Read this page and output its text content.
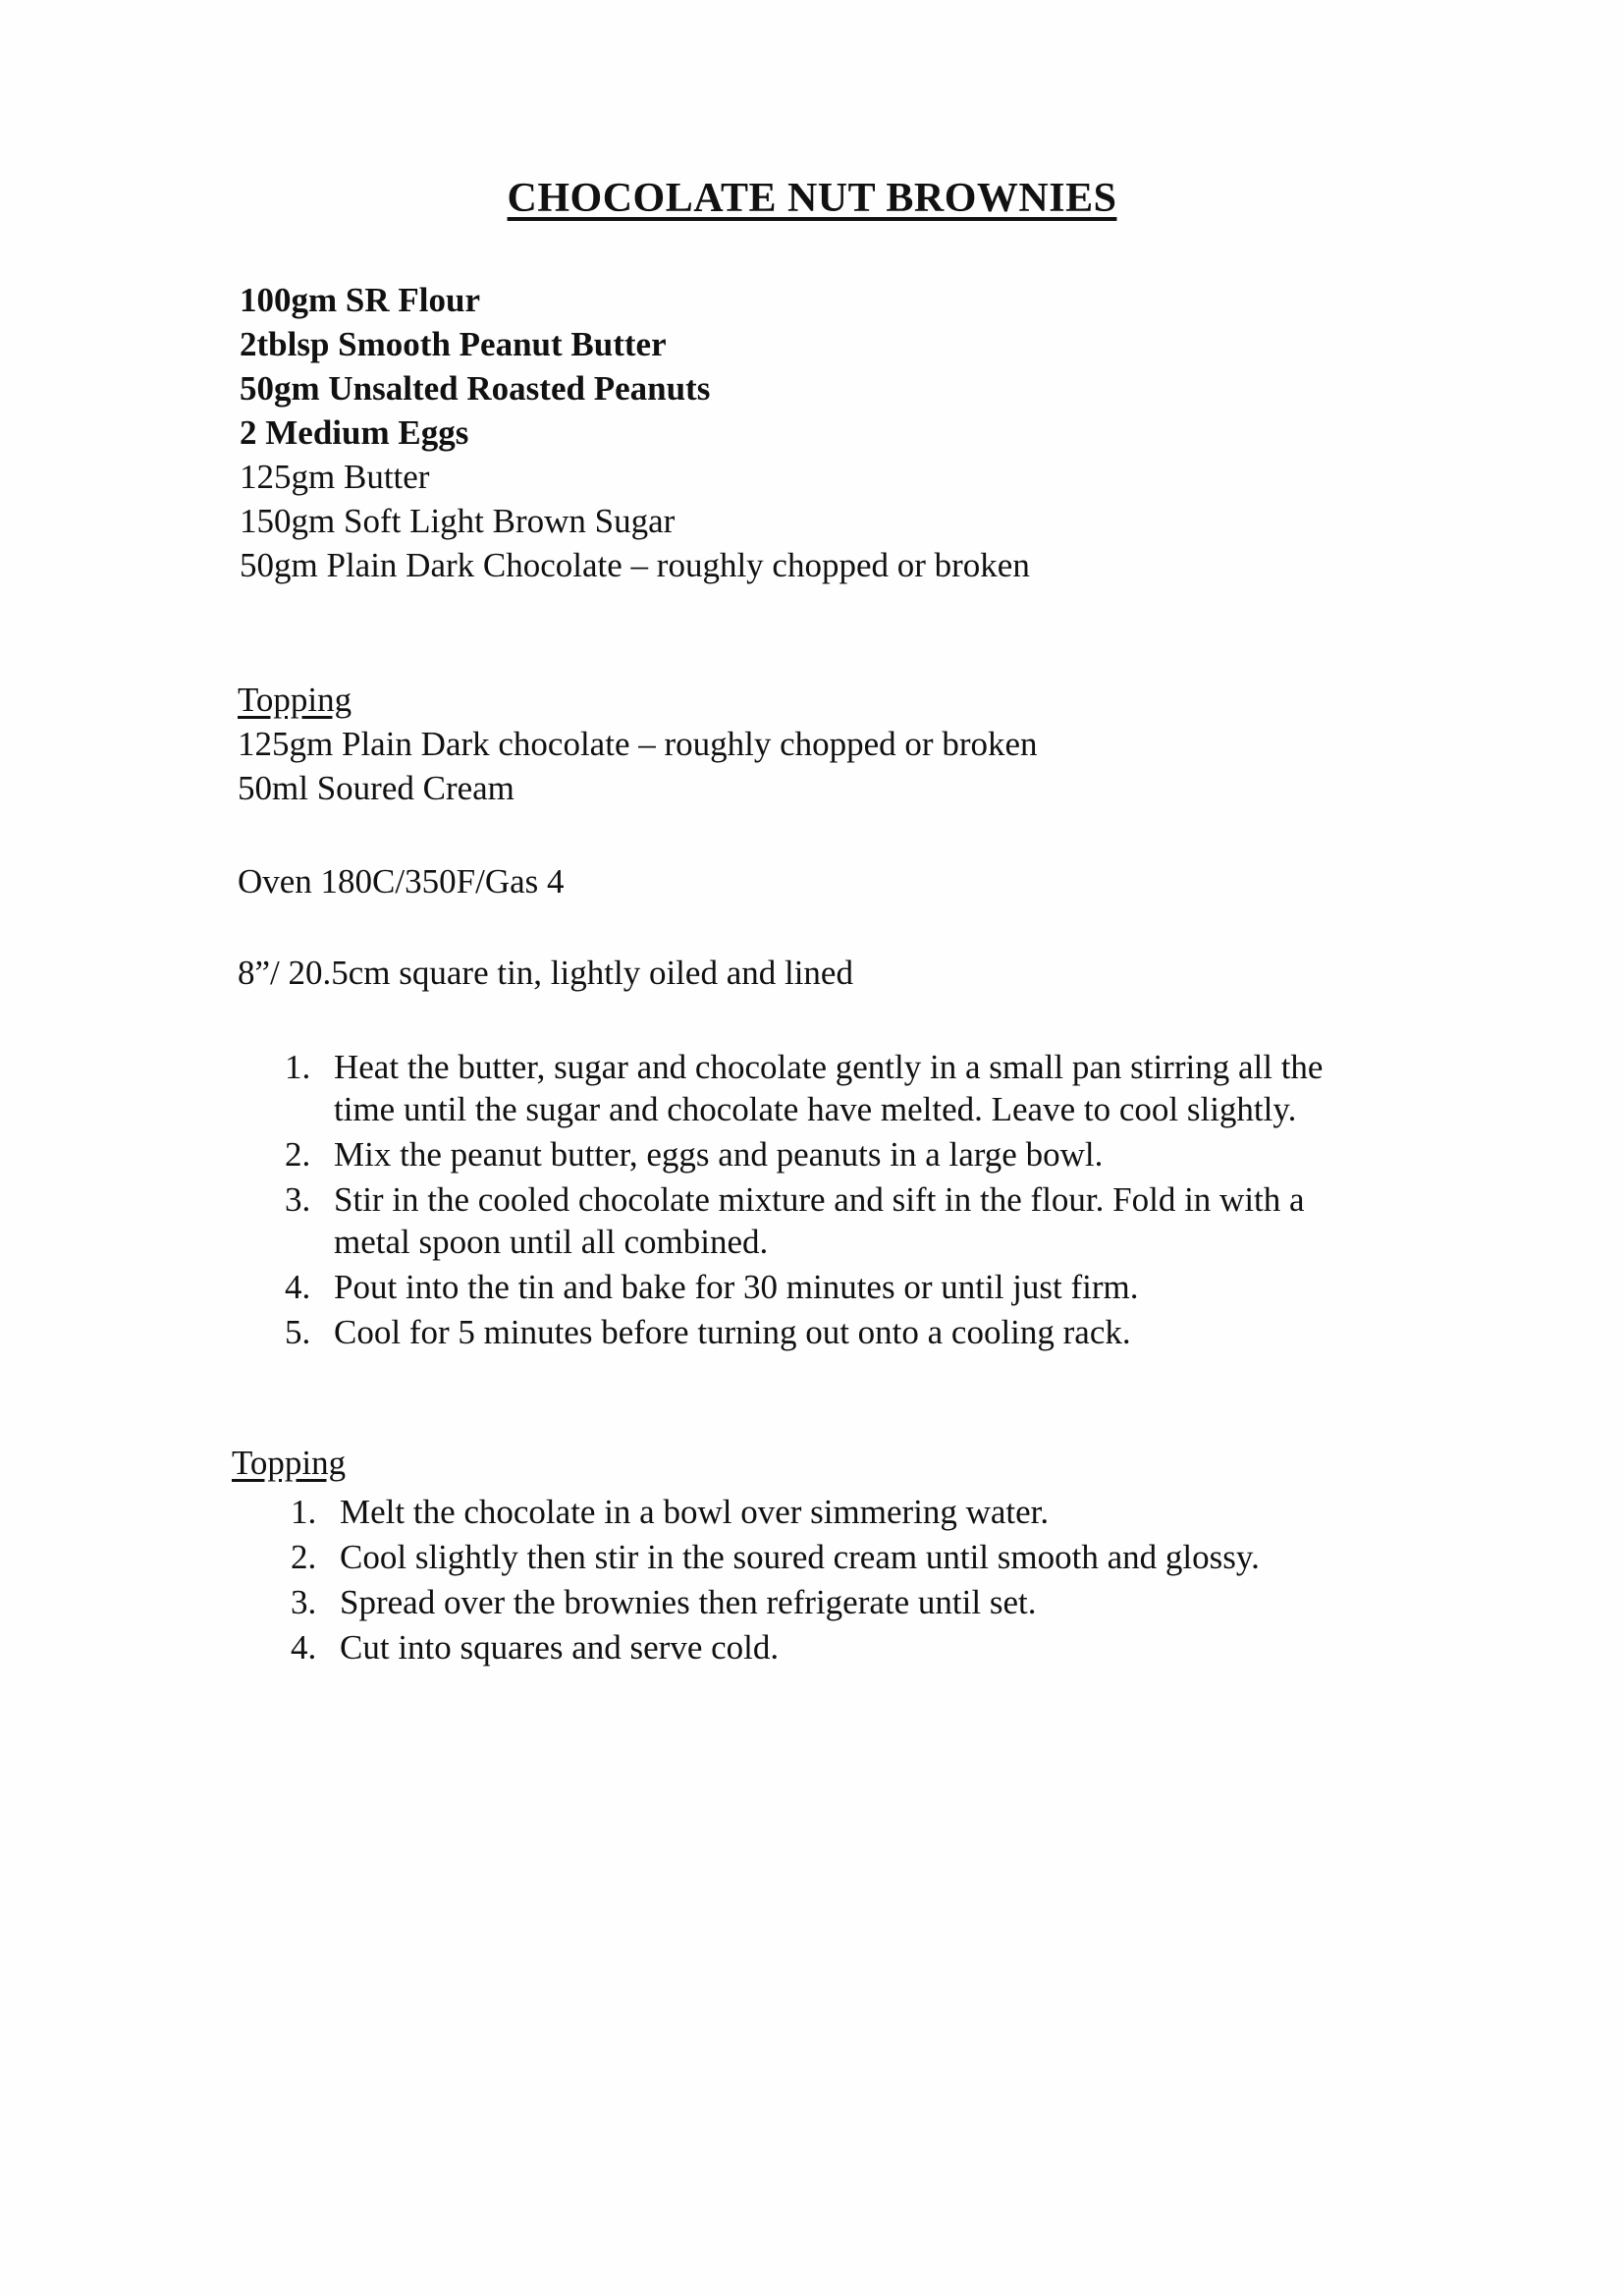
CHOCOLATE NUT BROWNIES
100gm SR Flour
2tblsp Smooth Peanut Butter
50gm Unsalted Roasted Peanuts
2 Medium Eggs
125gm Butter
150gm Soft Light Brown Sugar
50gm Plain Dark Chocolate – roughly chopped or broken
Topping
125gm Plain Dark chocolate – roughly chopped or broken
50ml Soured Cream
Oven 180C/350F/Gas 4
8”/ 20.5cm square tin, lightly oiled and lined
1. Heat the butter, sugar and chocolate gently in a small pan stirring all the time until the sugar and chocolate have melted. Leave to cool slightly.
2. Mix the peanut butter, eggs and peanuts in a large bowl.
3. Stir in the cooled chocolate mixture and sift in the flour. Fold in with a metal spoon until all combined.
4. Pout into the tin and bake for 30 minutes or until just firm.
5. Cool for 5 minutes before turning out onto a cooling rack.
Topping
1. Melt the chocolate in a bowl over simmering water.
2. Cool slightly then stir in the soured cream until smooth and glossy.
3. Spread over the brownies then refrigerate until set.
4. Cut into squares and serve cold.
